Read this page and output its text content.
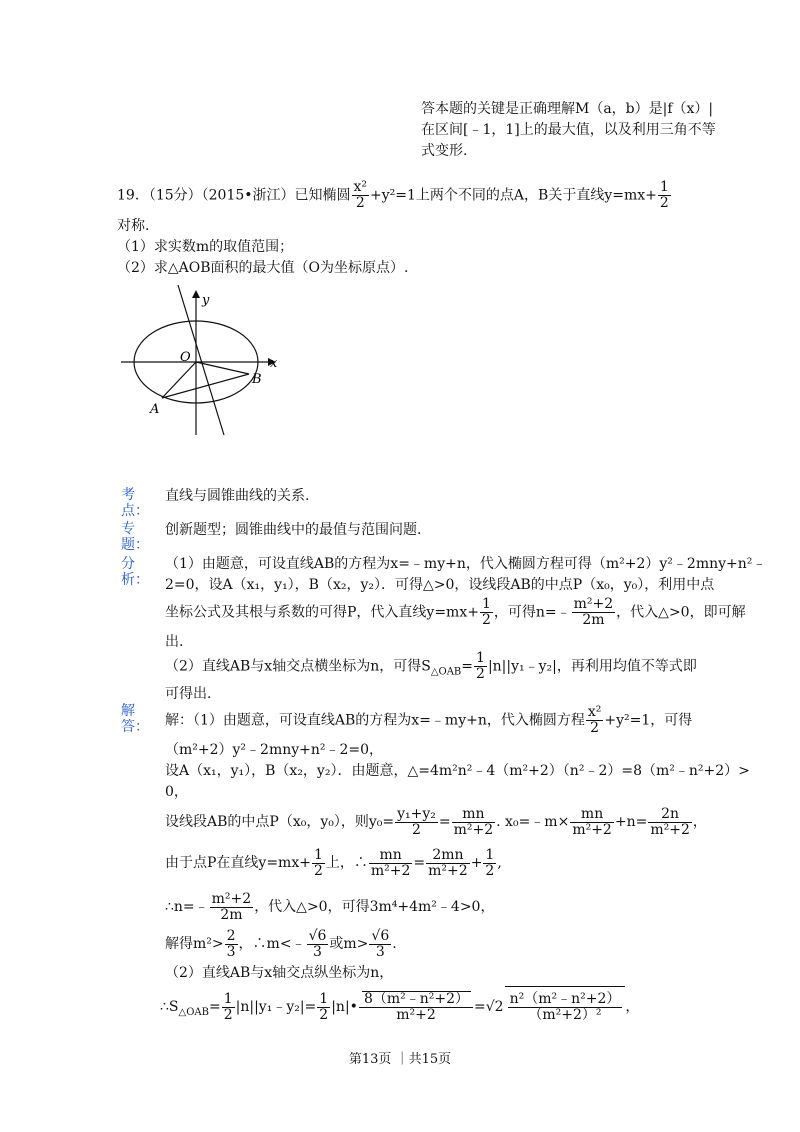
答本题的关键是正确理解M（a，b）是|f（x）|
在区间[﹣1，1]上的最大值，以及利用三角不等
式变形.
19．（15分）（2015•浙江）已知椭圆 $\frac{\text{x²}}{2} +y^2=1$上两个不同的点A，B关于直线$y=mx+ \frac{1}{2}$
对称.
（1）求实数m的取值范围；
（2）求△AOB面积的最大值（O为坐标原点）.
y
x
O
A
B
考
点：
专
题：
分
析：
解
答：
直线与圆锥曲线的关系.
创新题型；圆锥曲线中的最值与范围问题.
（1）由题意，可设直线AB的方程为x=﹣my+n，代入椭圆方程可得（m²+2）y²﹣2mny+n²﹣
2=0，设A（x₁，y₁），B（x₂，y₂）．可得△>0，设线段AB的中点P（x₀，y₀），利用中点
坐标公式及其根与系数的可得P，代入直线$y=mx+ \frac{1}{2}$ ，可得n=﹣ $\frac{\text{m²+2}}{2m}$ ，代入△>0，即可解
出.
（2）直线AB与x轴交点横坐标为n，可得$S_{\triangle OAB}= \frac{1}{2}$ |n||y₁﹣y₂|，再利用均值不等式即
可得出.
解：（1）由题意，可设直线AB的方程为x=﹣my+n，代入椭圆方程 $\frac{\text{x²}}{2} +y^2=1$，可得
（m²+2）y²﹣2mny+n²﹣2=0，
设A（x₁，y₁），B（x₂，y₂）．由题意，△=4m²n²﹣4（m²+2）（n²﹣2）=8（m²﹣n²+2）>
0，
设线段AB的中点P（x₀，y₀），则$y_0= \frac{\text{y₁+y₂}}{2} = \frac{mn}{\text{m²+2}}$ . x₀=﹣m× $\frac{mn}{\text{m²+2}} +n= \frac{2n}{\text{m²+2}}$ ，
由于点P在直线$y=mx+ \frac{1}{2}$ 上，∴ $\frac{mn}{\text{m²+2}} = \frac{2mn}{\text{m²+2}} + \frac{1}{2}$ ,
∴n=﹣ $\frac{\text{m²+2}}{2m}$ ，代入△>0，可得3m⁴+4m²﹣4>0，
解得$m^2> \frac{2}{3}$ ，∴m<﹣ $\frac{√6}{3}$ 或$m> \frac{√6}{3}$ .
（2）直线AB与x轴交点纵坐标为n，
$\therefore S_{\triangle OAB}= \frac{1}{2}$ |n||y₁﹣y₂|= $\frac{1}{2}$ |n|• $\frac{\text{8（m²﹣n²+2）}}{\text{m²+2}} =√2 \frac{\text{n²（m²﹣n²+2）}}{\text{（m²+2）²}}$ ，
第13页 ｜共15页
